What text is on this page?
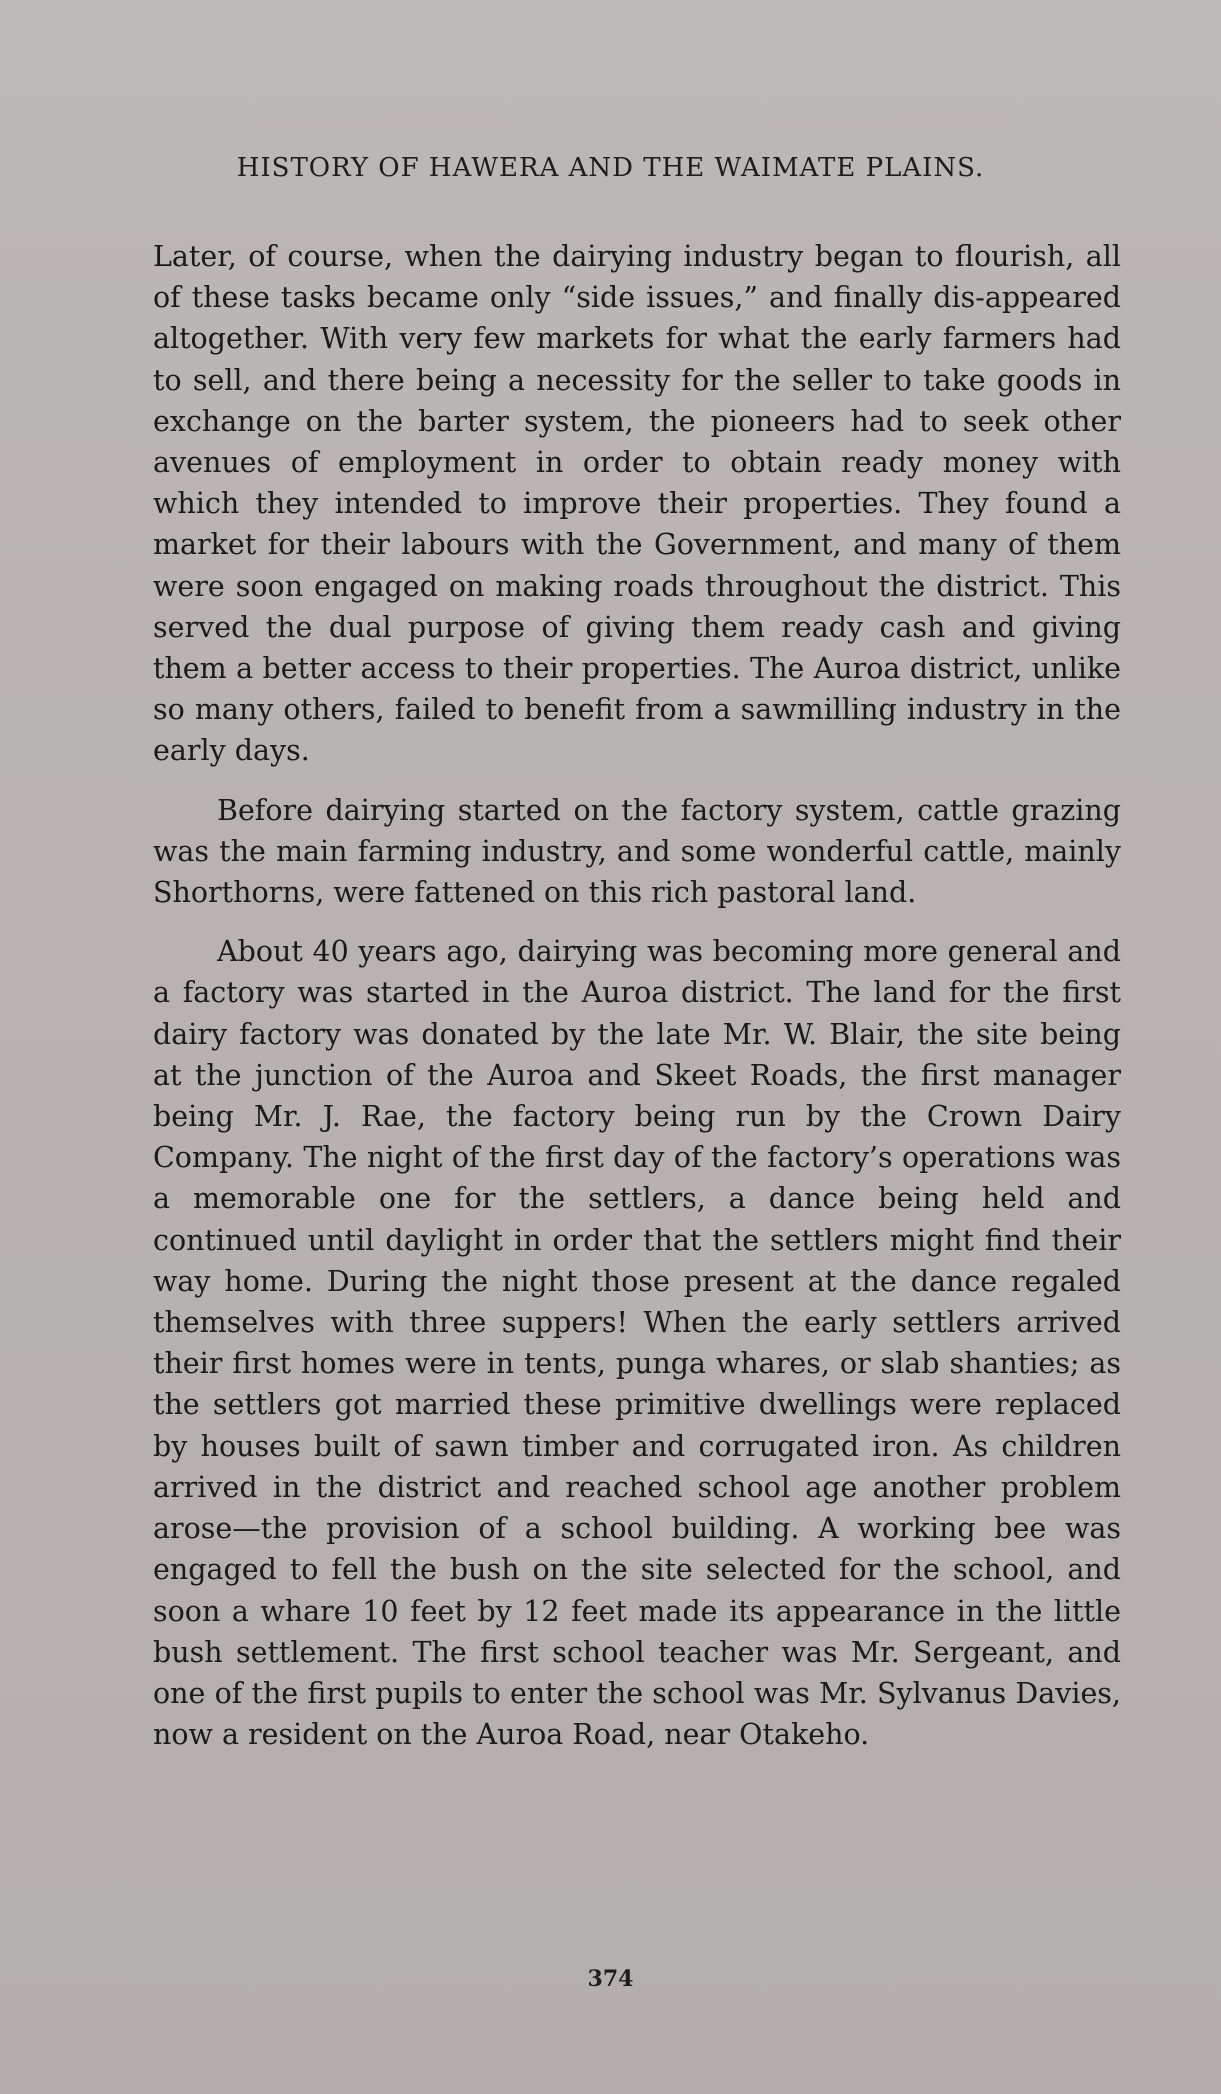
HISTORY OF HAWERA AND THE WAIMATE PLAINS.

Later, of course, when the dairying industry began to flourish, all of these tasks became only “side issues,” and finally dis-appeared altogether. With very few markets for what the early farmers had to sell, and there being a necessity for the seller to take goods in exchange on the barter system, the pioneers had to seek other avenues of employment in order to obtain ready money with which they intended to improve their properties. They found a market for their labours with the Government, and many of them were soon engaged on making roads throughout the district. This served the dual purpose of giving them ready cash and giving them a better access to their properties. The Auroa district, unlike so many others, failed to benefit from a sawmilling industry in the early days.

Before dairying started on the factory system, cattle grazing was the main farming industry, and some wonderful cattle, mainly Shorthorns, were fattened on this rich pastoral land.

About 40 years ago, dairying was becoming more general and a factory was started in the Auroa district. The land for the first dairy factory was donated by the late Mr. W. Blair, the site being at the junction of the Auroa and Skeet Roads, the first manager being Mr. J. Rae, the factory being run by the Crown Dairy Company. The night of the first day of the factory’s operations was a memorable one for the settlers, a dance being held and continued until daylight in order that the settlers might find their way home. During the night those present at the dance regaled themselves with three suppers! When the early settlers arrived their first homes were in tents, punga whares, or slab shanties; as the settlers got married these primitive dwellings were replaced by houses built of sawn timber and corrugated iron. As children arrived in the district and reached school age another problem arose—the provision of a school building. A working bee was engaged to fell the bush on the site selected for the school, and soon a whare 10 feet by 12 feet made its appearance in the little bush settlement. The first school teacher was Mr. Sergeant, and one of the first pupils to enter the school was Mr. Sylvanus Davies, now a resident on the Auroa Road, near Otakeho.

374
